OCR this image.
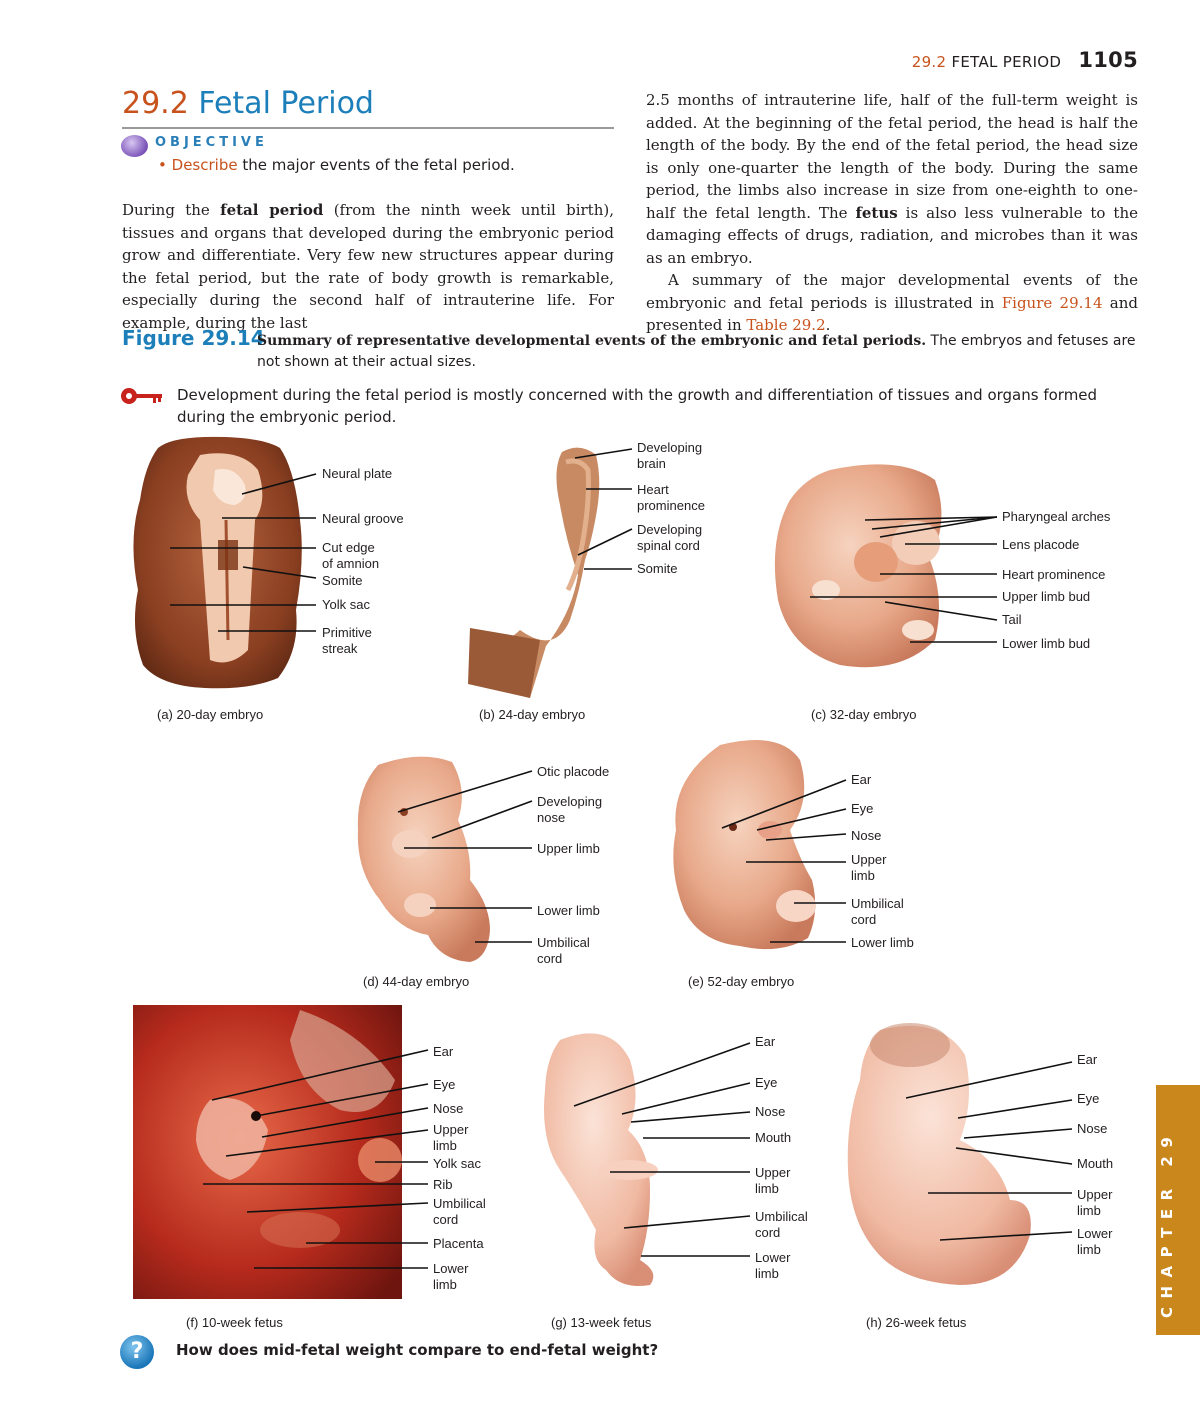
29.2 FETAL PERIOD 1105
29.2 Fetal Period
OBJECTIVE
• Describe the major events of the fetal period.

During the fetal period (from the ninth week until birth), tissues and organs that developed during the embryonic period grow and differentiate. Very few new structures appear during the fetal period, but the rate of body growth is remarkable, especially during the second half of intrauterine life. For example, during the last

2.5 months of intrauterine life, half of the full-term weight is added. At the beginning of the fetal period, the head is half the length of the body. By the end of the fetal period, the head size is only one-quarter the length of the body. During the same period, the limbs also increase in size from one-eighth to one-half the fetal length. The fetus is also less vulnerable to the damaging effects of drugs, radiation, and microbes than it was as an embryo.

A summary of the major developmental events of the embryonic and fetal periods is illustrated in Figure 29.14 and presented in Table 29.2.

Figure 29.14
Summary of representative developmental events of the embryonic and fetal periods. The embryos and fetuses are not shown at their actual sizes.
Development during the fetal period is mostly concerned with the growth and differentiation of tissues and organs formed during the embryonic period.
Neural plate
Neural groove
Cut edge
of amnion
Somite
Yolk sac
Primitive
streak
(a) 20-day embryo
Developing
brain
Heart
prominence
Developing
spinal cord
Somite
(b) 24-day embryo
Pharyngeal arches
Lens placode
Heart prominence
Upper limb bud
Tail
Lower limb bud
(c) 32-day embryo
Otic placode
Developing
nose
Upper limb
Lower limb
Umbilical
cord
(d) 44-day embryo
Ear
Eye
Nose
Upper
limb
Umbilical
cord
Lower limb
(e) 52-day embryo
Ear
Eye
Nose
Upper
limb
Yolk sac
Rib
Umbilical
cord
Placenta
Lower
limb
(f) 10-week fetus
Ear
Eye
Nose
Mouth
Upper
limb
Umbilical
cord
Lower
limb
(g) 13-week fetus
Ear
Eye
Nose
Mouth
Upper
limb
Lower
limb
(h) 26-week fetus
?	How does mid-fetal weight compare to end-fetal weight?
CHAPTER 29
